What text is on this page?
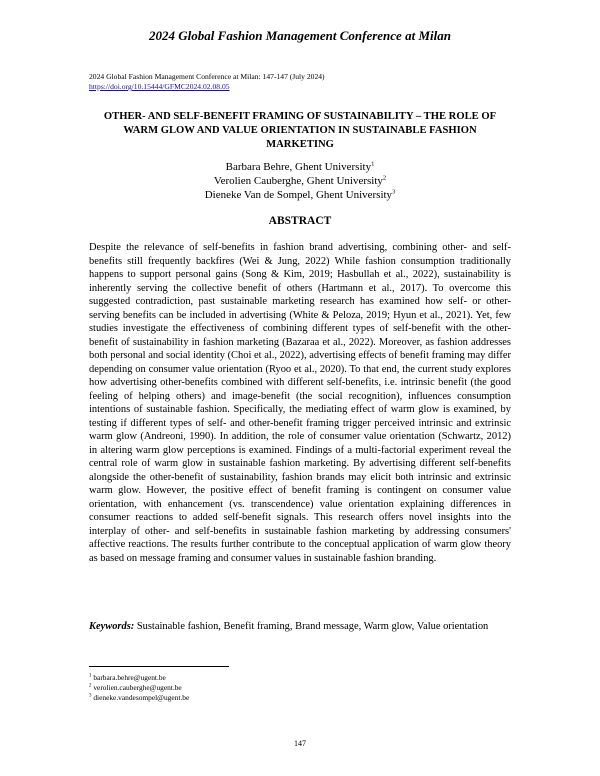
2024 Global Fashion Management Conference at Milan
2024 Global Fashion Management Conference at Milan: 147-147 (July 2024)
https://doi.org/10.15444/GFMC2024.02.08.05
OTHER- AND SELF-BENEFIT FRAMING OF SUSTAINABILITY – THE ROLE OF WARM GLOW AND VALUE ORIENTATION IN SUSTAINABLE FASHION MARKETING
Barbara Behre, Ghent University$^1$
Verolien Cauberghe, Ghent University$^2$
Dieneke Van de Sompel, Ghent University$^3$
ABSTRACT

Despite the relevance of self-benefits in fashion brand advertising, combining other- and self-benefits still frequently backfires (Wei & Jung, 2022) While fashion consumption traditionally happens to support personal gains (Song & Kim, 2019; Hasbullah et al., 2022), sustainability is inherently serving the collective benefit of others (Hartmann et al., 2017). To overcome this suggested contradiction, past sustainable marketing research has examined how self- or other-serving benefits can be included in advertising (White & Peloza, 2019; Hyun et al., 2021). Yet, few studies investigate the effectiveness of combining different types of self-benefit with the other-benefit of sustainability in fashion marketing (Bazaraa et al., 2022). Moreover, as fashion addresses both personal and social identity (Choi et al., 2022), advertising effects of benefit framing may differ depending on consumer value orientation (Ryoo et al., 2020). To that end, the current study explores how advertising other-benefits combined with different self-benefits, i.e. intrinsic benefit (the good feeling of helping others) and image-benefit (the social recognition), influences consumption intentions of sustainable fashion. Specifically, the mediating effect of warm glow is examined, by testing if different types of self- and other-benefit framing trigger perceived intrinsic and extrinsic warm glow (Andreoni, 1990). In addition, the role of consumer value orientation (Schwartz, 2012) in altering warm glow perceptions is examined. Findings of a multi-factorial experiment reveal the central role of warm glow in sustainable fashion marketing. By advertising different self-benefits alongside the other-benefit of sustainability, fashion brands may elicit both intrinsic and extrinsic warm glow. However, the positive effect of benefit framing is contingent on consumer value orientation, with enhancement (vs. transcendence) value orientation explaining differences in consumer reactions to added self-benefit signals. This research offers novel insights into the interplay of other- and self-benefits in sustainable fashion marketing by addressing consumers' affective reactions. The results further contribute to the conceptual application of warm glow theory as based on message framing and consumer values in sustainable fashion branding.

Keywords: Sustainable fashion, Benefit framing, Brand message, Warm glow, Value orientation

$^1$ barbara.behre@ugent.be
$^2$ verolien.cauberghe@ugent.be
$^3$ dieneke.vandesompel@ugent.be
147
